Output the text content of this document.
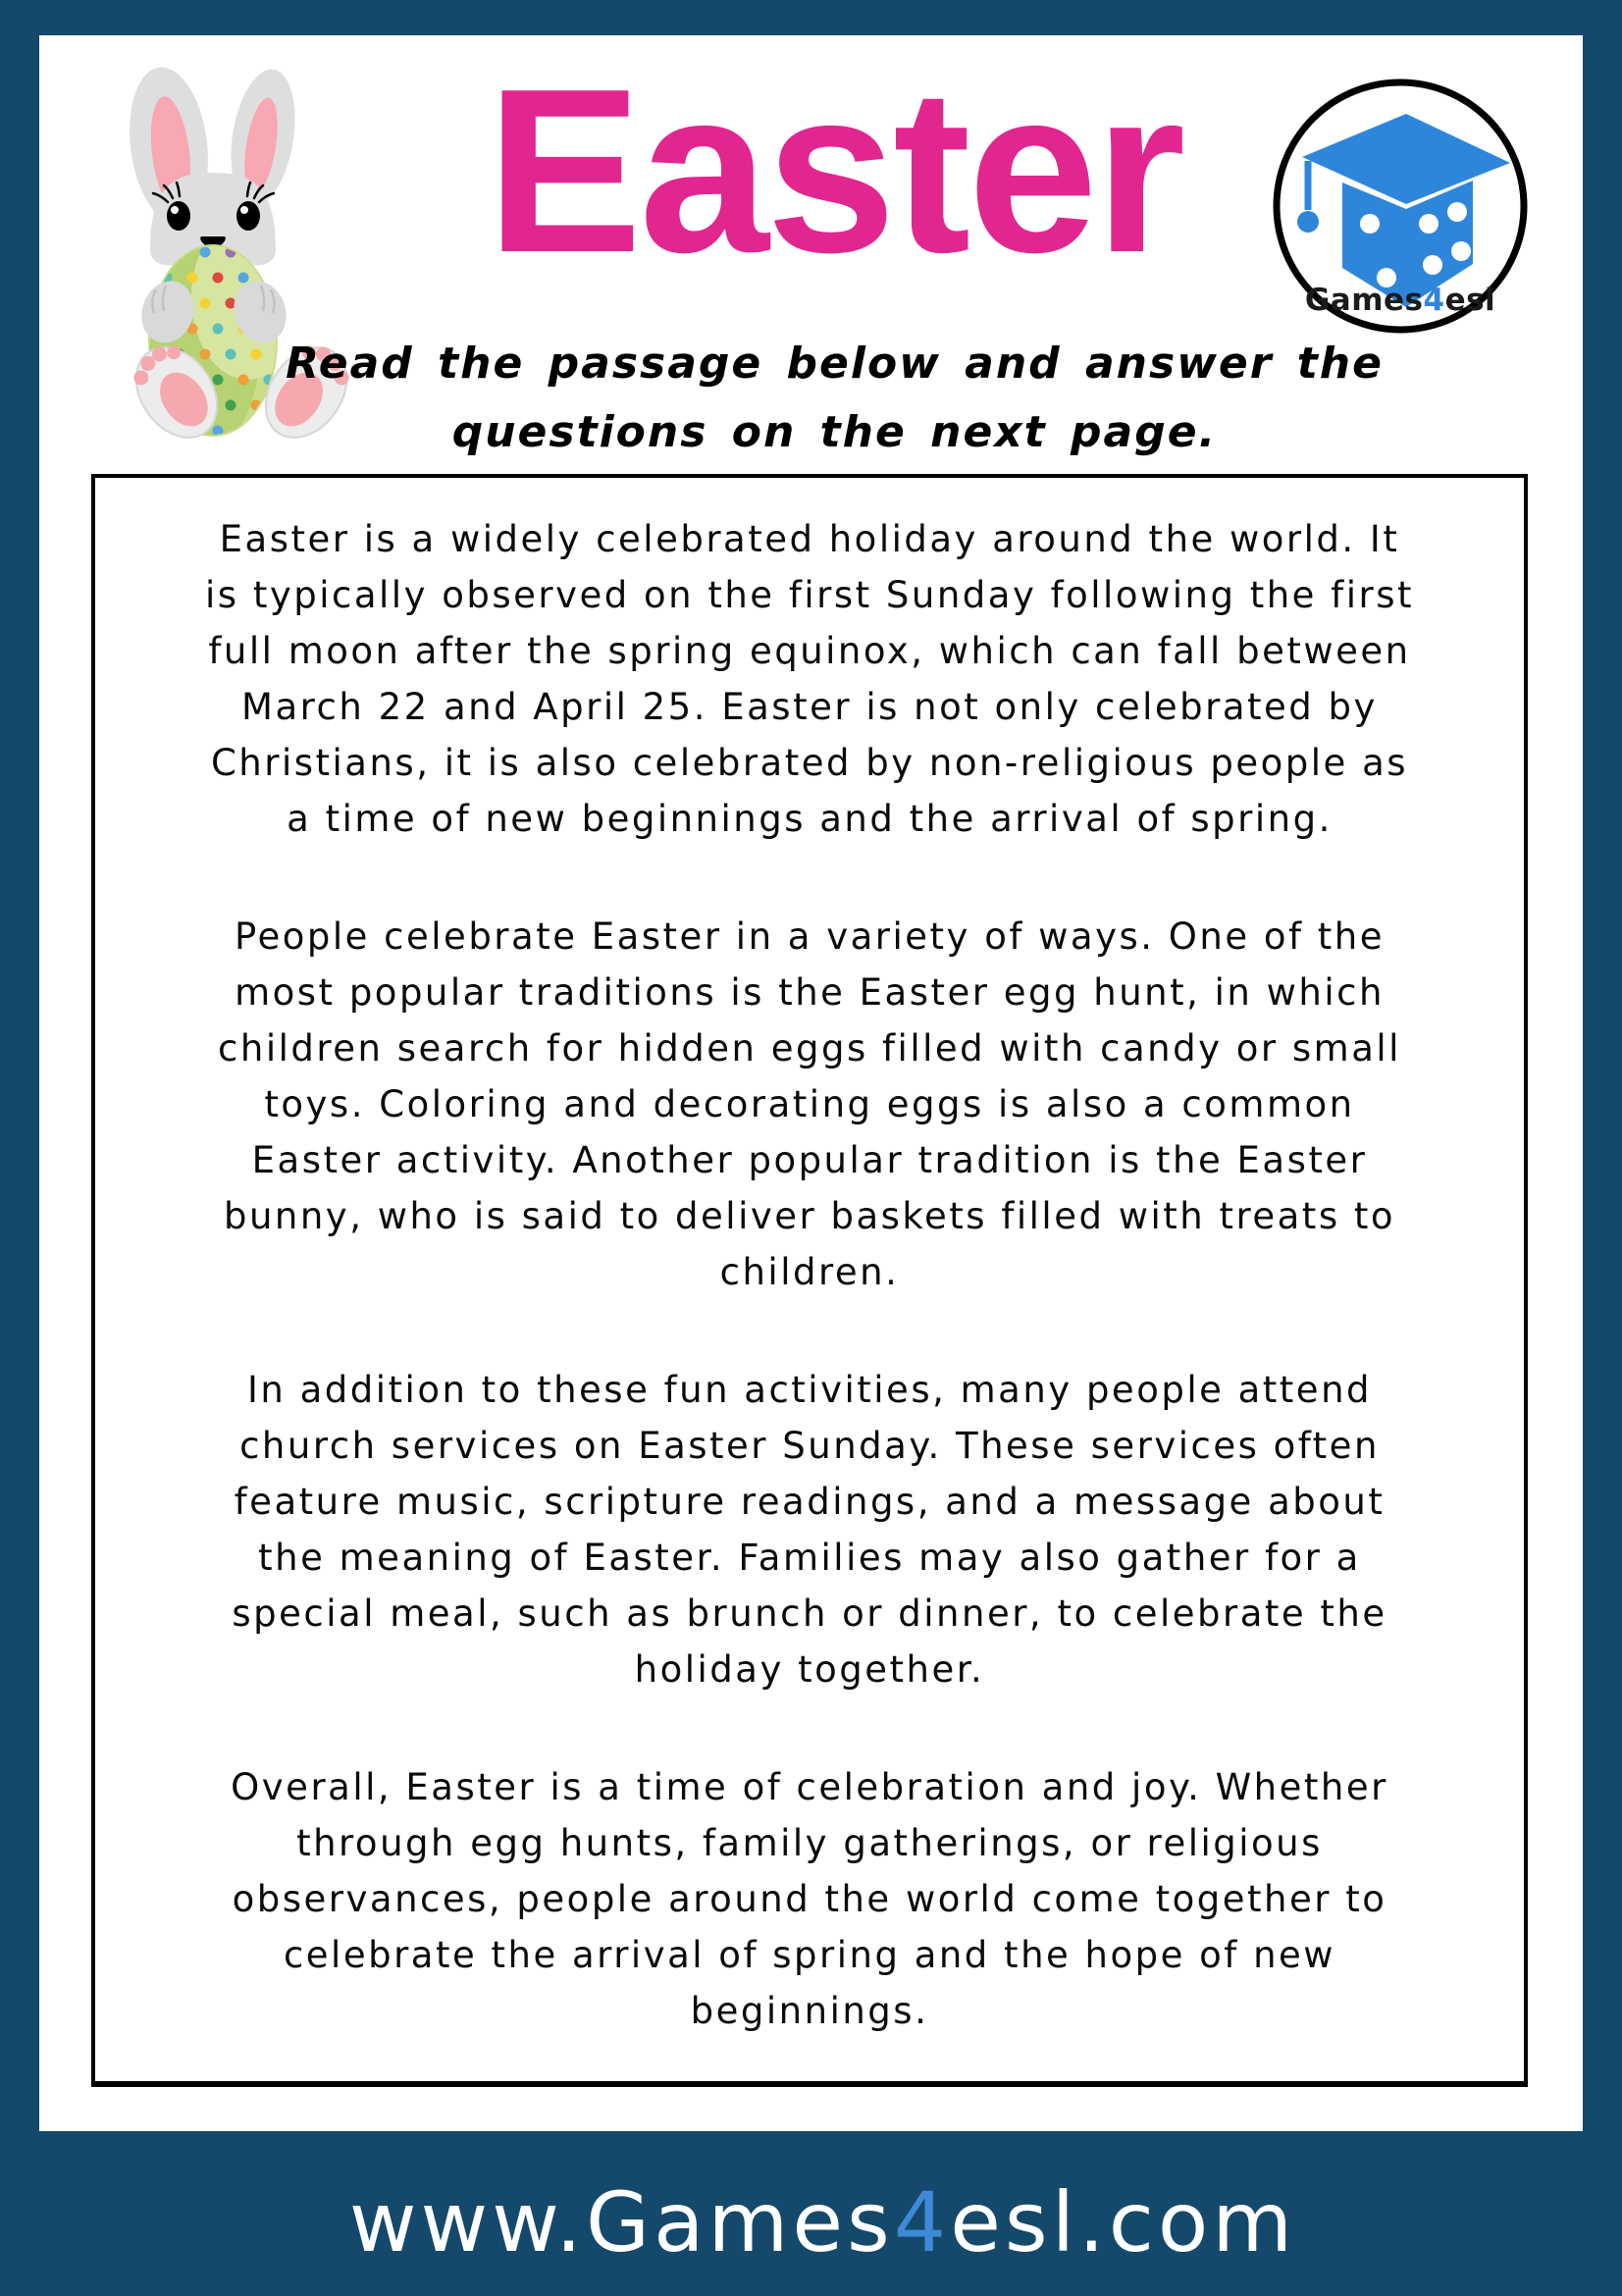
Easter	Games4esl
Read the passage below and answer the
questions on the next page.

Easter is a widely celebrated holiday around the world. It
is typically observed on the first Sunday following the first
full moon after the spring equinox, which can fall between
March 22 and April 25. Easter is not only celebrated by
Christians, it is also celebrated by non-religious people as
a time of new beginnings and the arrival of spring.

People celebrate Easter in a variety of ways. One of the
most popular traditions is the Easter egg hunt, in which
children search for hidden eggs filled with candy or small
toys. Coloring and decorating eggs is also a common
Easter activity. Another popular tradition is the Easter
bunny, who is said to deliver baskets filled with treats to
children.

In addition to these fun activities, many people attend
church services on Easter Sunday. These services often
feature music, scripture readings, and a message about
the meaning of Easter. Families may also gather for a
special meal, such as brunch or dinner, to celebrate the
holiday together.

Overall, Easter is a time of celebration and joy. Whether
through egg hunts, family gatherings, or religious
observances, people around the world come together to
celebrate the arrival of spring and the hope of new
beginnings.

www.Games4esl.com
